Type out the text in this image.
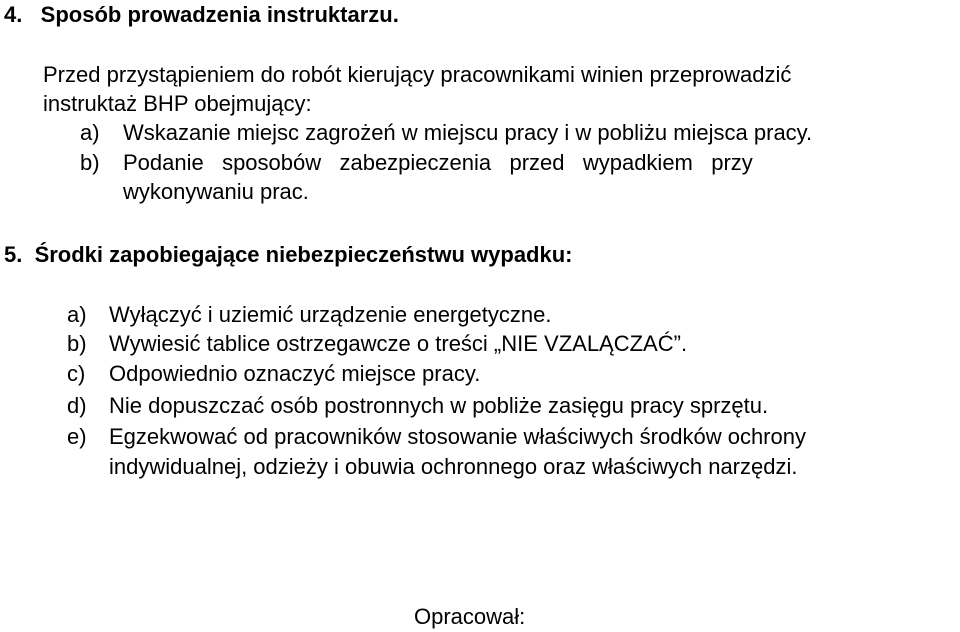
4.   Sposób prowadzenia instruktarzu.
Przed przystąpieniem do robót kierujący pracownikami winien przeprowadzić
instruktaż BHP obejmujący:
a) Wskazanie miejsc zagrożeń w miejscu pracy i w pobliżu miejsca pracy.
b) Podanie   sposobów   zabezpieczenia   przed   wypadkiem   przy
wykonywaniu prac.
5.  Środki zapobiegające niebezpieczeństwu wypadku:
a) Wyłączyć i uziemić urządzenie energetyczne.
b) Wywiesić tablice ostrzegawcze o treści „NIE VZALĄCZAĆ”.
c) Odpowiednio oznaczyć miejsce pracy.
d) Nie dopuszczać osób postronnych w pobliże zasięgu pracy sprzętu.
e) Egzekwować od pracowników stosowanie właściwych środków ochrony
indywidualnej, odzieży i obuwia ochronnego oraz właściwych narzędzi.
Opracował:
